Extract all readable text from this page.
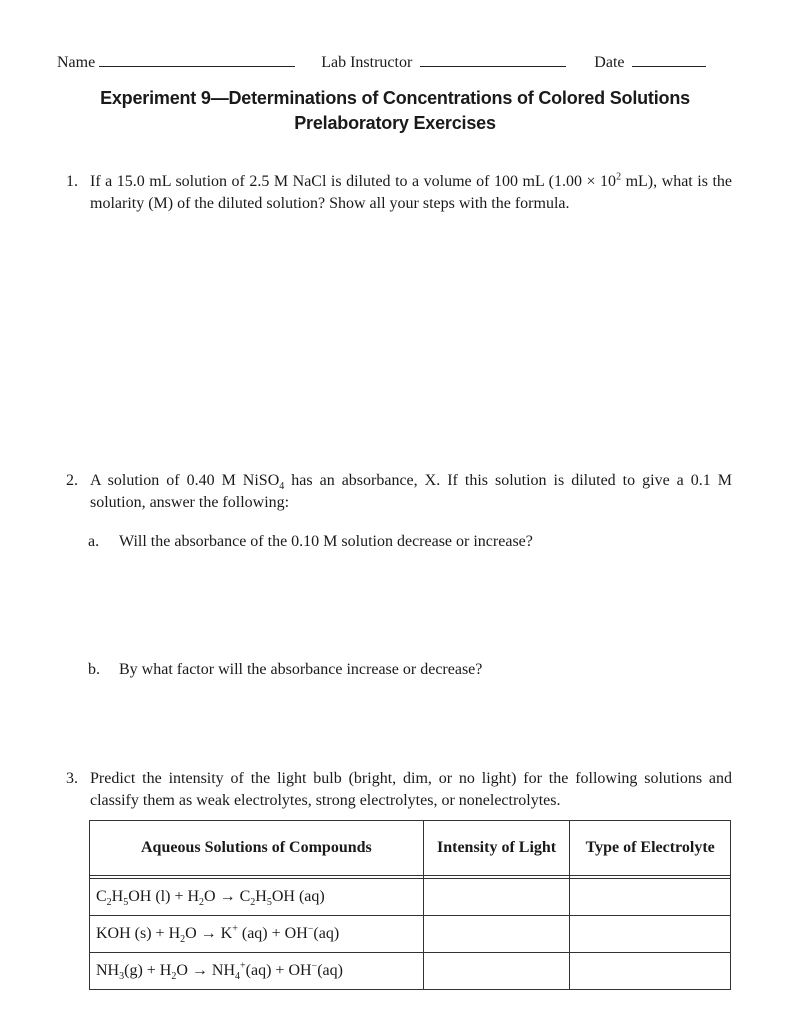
Name	Lab Instructor	Date
Experiment 9—Determinations of Concentrations of Colored Solutions
Prelaboratory Exercises
1. If a 15.0 mL solution of 2.5 M NaCl is diluted to a volume of 100 mL ($1.00 \times 10^2$ mL), what is the molarity (M) of the diluted solution? Show all your steps with the formula.
2. A solution of 0.40 M NiSO$_4$ has an absorbance, X. If this solution is diluted to give a 0.1 M solution, answer the following:
a. Will the absorbance of the 0.10 M solution decrease or increase?
b. By what factor will the absorbance increase or decrease?
3. Predict the intensity of the light bulb (bright, dim, or no light) for the following solutions and classify them as weak electrolytes, strong electrolytes, or nonelectrolytes.
Aqueous Solutions of Compounds	Intensity of Light	Type of Electrolyte

$C_2H_5OH$ $(l) + H_2O \to C_2H_5OH$ (aq)		
KOH $(s) + H_2O \to K^+$ (aq) + OH−(aq)		
$NH_3(g) + H_2O \to NH_4^+(aq) + OH^-(aq)$		
